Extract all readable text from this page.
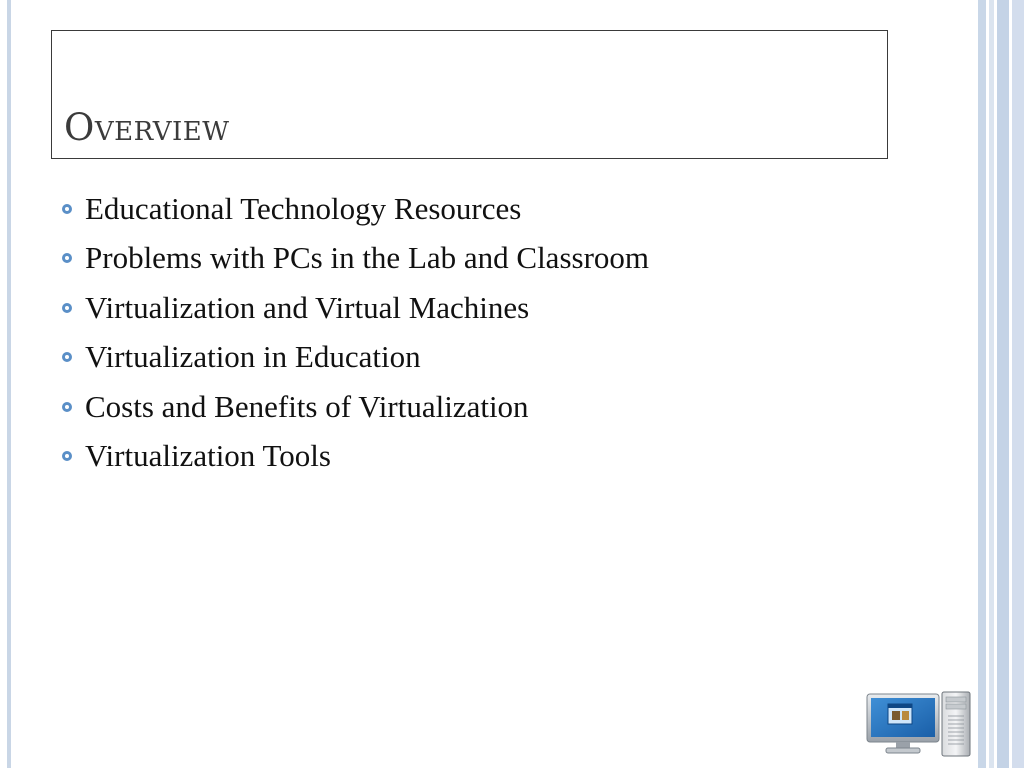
Overview
Educational Technology Resources
Problems with PCs in the Lab and Classroom
Virtualization and Virtual Machines
Virtualization in Education
Costs and Benefits of Virtualization
Virtualization Tools
